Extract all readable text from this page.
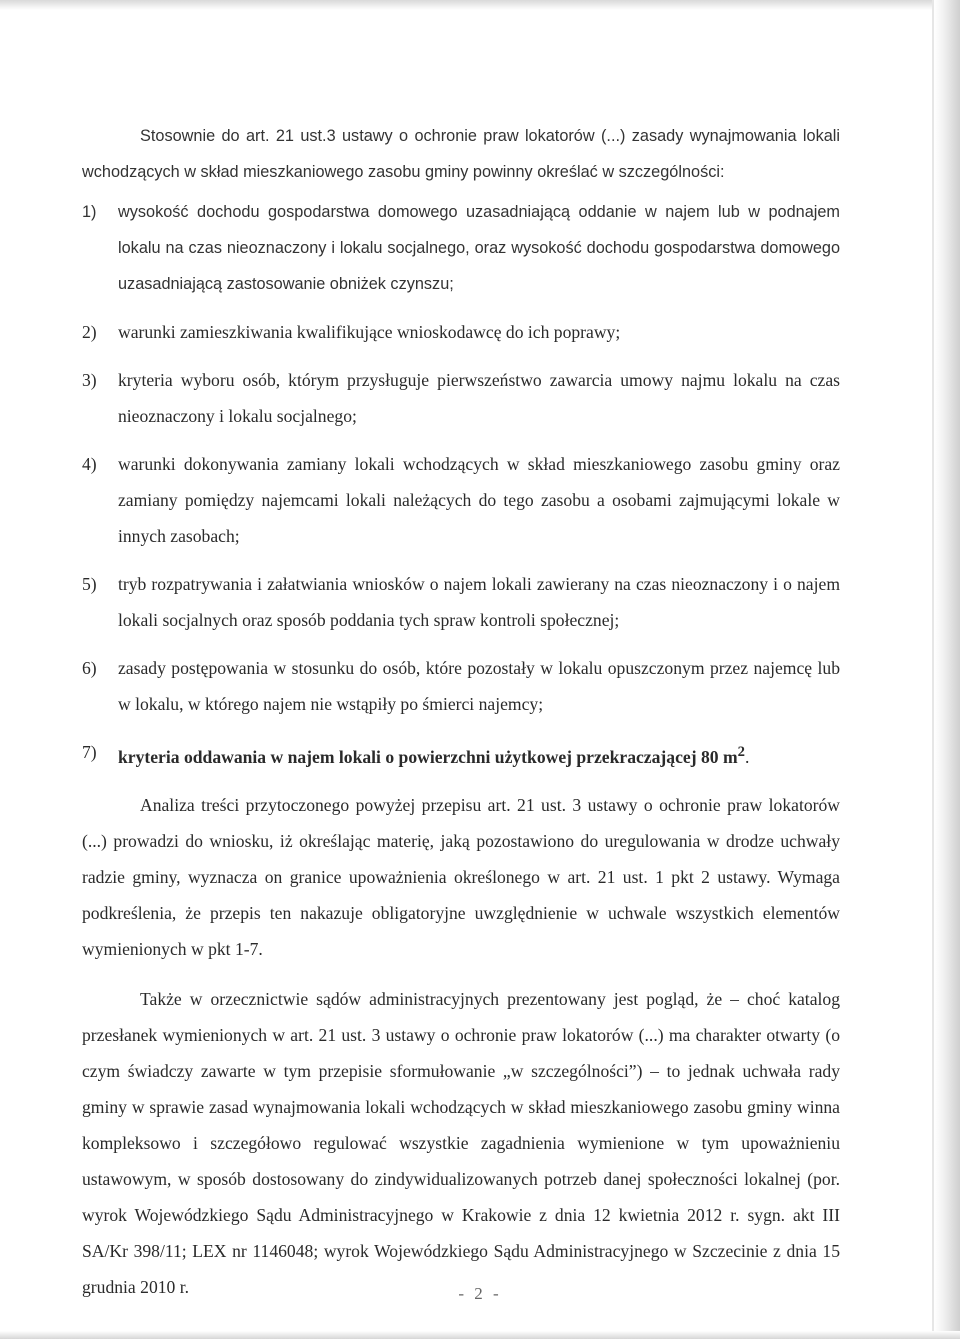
Stosownie do art. 21 ust.3 ustawy o ochronie praw lokatorów (...) zasady wynajmowania lokali wchodzących w skład mieszkaniowego zasobu gminy powinny określać w szczególności:

1) wysokość dochodu gospodarstwa domowego uzasadniającą oddanie w najem lub w podnajem lokalu na czas nieoznaczony i lokalu socjalnego, oraz wysokość dochodu gospodarstwa domowego uzasadniającą zastosowanie obniżek czynszu;
2) warunki zamieszkiwania kwalifikujące wnioskodawcę do ich poprawy;
3) kryteria wyboru osób, którym przysługuje pierwszeństwo zawarcia umowy najmu lokalu na czas nieoznaczony i lokalu socjalnego;
4) warunki dokonywania zamiany lokali wchodzących w skład mieszkaniowego zasobu gminy oraz zamiany pomiędzy najemcami lokali należących do tego zasobu a osobami zajmującymi lokale w innych zasobach;
5) tryb rozpatrywania i załatwiania wniosków o najem lokali zawierany na czas nieoznaczony i o najem lokali socjalnych oraz sposób poddania tych spraw kontroli społecznej;
6) zasady postępowania w stosunku do osób, które pozostały w lokalu opuszczonym przez najemcę lub w lokalu, w którego najem nie wstąpiły po śmierci najemcy;
7) kryteria oddawania w najem lokali o powierzchni użytkowej przekraczającej 80 $m^2$.

Analiza treści przytoczonego powyżej przepisu art. 21 ust. 3 ustawy o ochronie praw lokatorów (...) prowadzi do wniosku, iż określając materię, jaką pozostawiono do uregulowania w drodze uchwały radzie gminy, wyznacza on granice upoważnienia określonego w art. 21 ust. 1 pkt 2 ustawy. Wymaga podkreślenia, że przepis ten nakazuje obligatoryjne uwzględnienie w uchwale wszystkich elementów wymienionych w pkt 1-7.

Także w orzecznictwie sądów administracyjnych prezentowany jest pogląd, że – choć katalog przesłanek wymienionych w art. 21 ust. 3 ustawy o ochronie praw lokatorów (...) ma charakter otwarty (o czym świadczy zawarte w tym przepisie sformułowanie „w szczególności”) – to jednak uchwała rady gminy w sprawie zasad wynajmowania lokali wchodzących w skład mieszkaniowego zasobu gminy winna kompleksowo i szczegółowo regulować wszystkie zagadnienia wymienione w tym upoważnieniu ustawowym, w sposób dostosowany do zindywidualizowanych potrzeb danej społeczności lokalnej (por. wyrok Wojewódzkiego Sądu Administracyjnego w Krakowie z dnia 12 kwietnia 2012 r. sygn. akt III SA/Kr 398/11; LEX nr 1146048; wyrok Wojewódzkiego Sądu Administracyjnego w Szczecinie z dnia 15 grudnia 2010 r.	- 2 -
